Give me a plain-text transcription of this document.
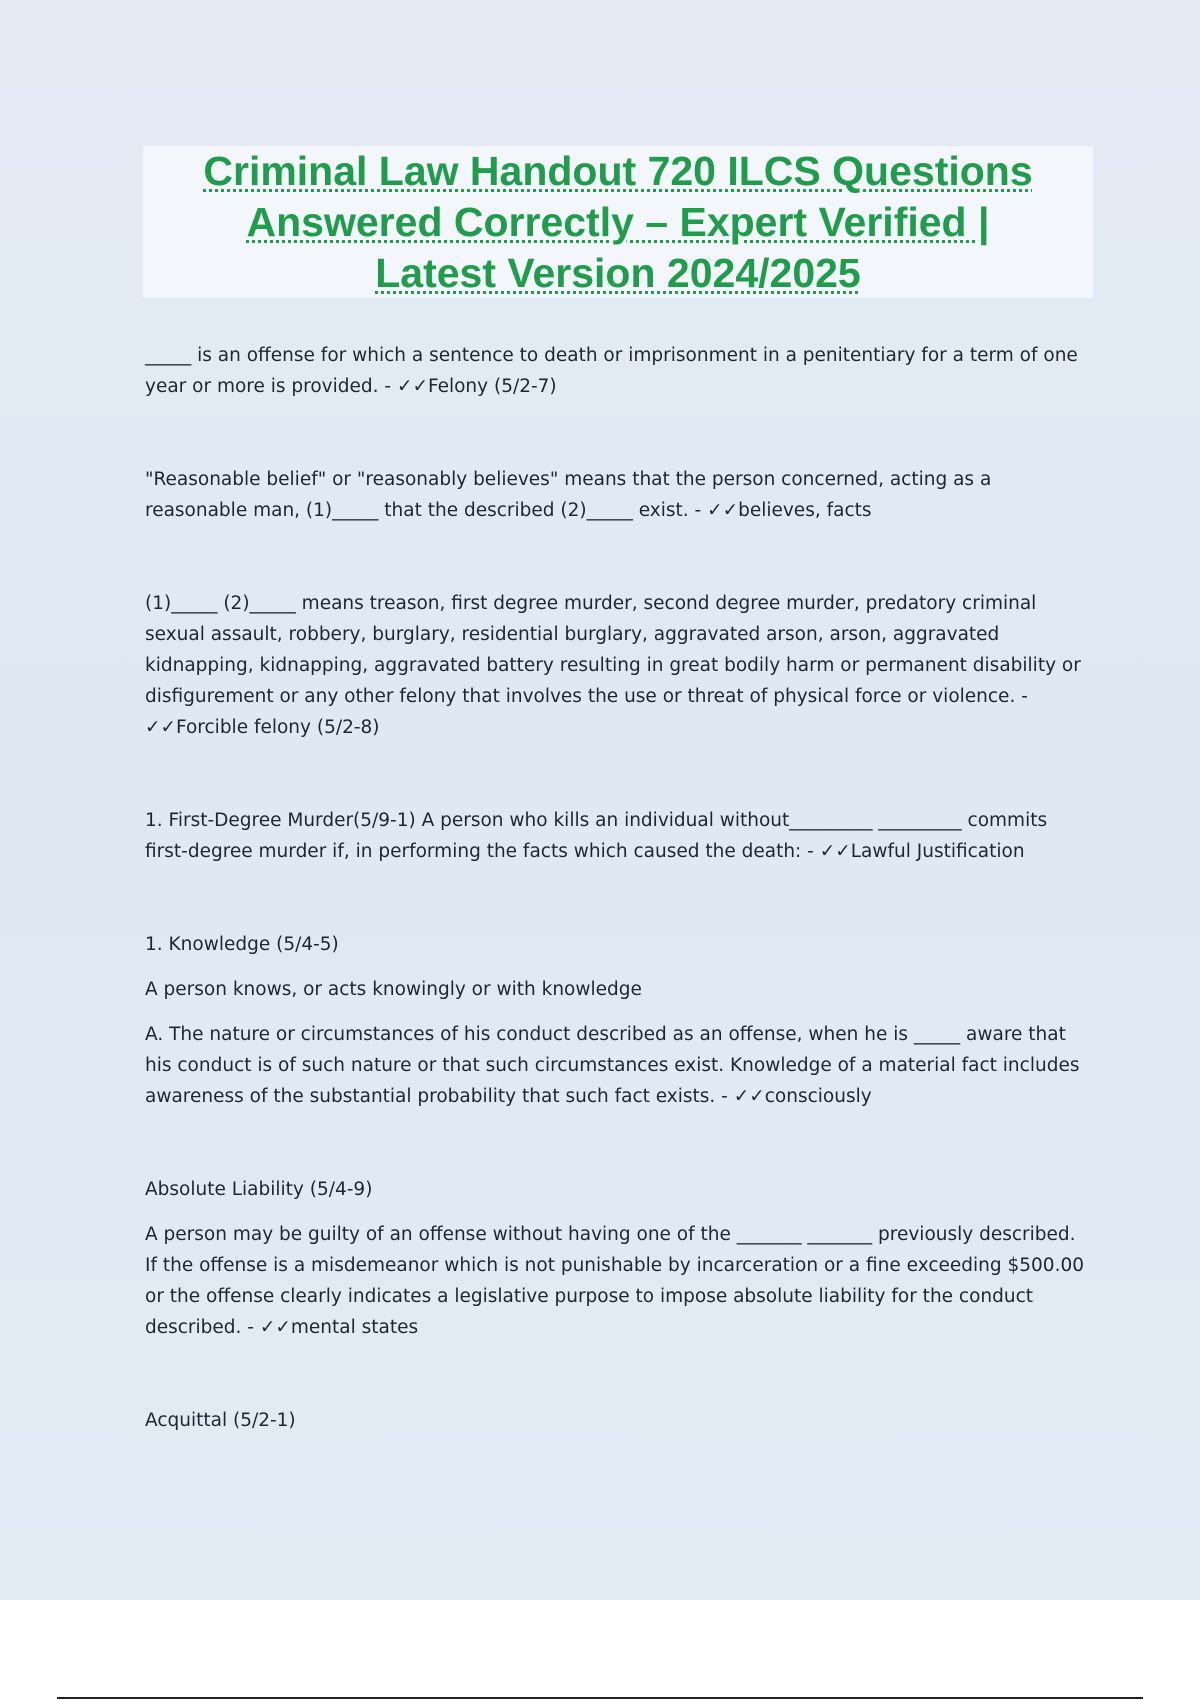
Criminal Law Handout 720 ILCS Questions
Answered Correctly – Expert Verified |
Latest Version 2024/2025

_____ is an offense for which a sentence to death or imprisonment in a penitentiary for a term of one year or more is provided. - ✓✓Felony (5/2-7)

"Reasonable belief" or "reasonably believes" means that the person concerned, acting as a reasonable man, (1)_____ that the described (2)_____ exist. - ✓✓believes, facts

(1)_____ (2)_____ means treason, first degree murder, second degree murder, predatory criminal sexual assault, robbery, burglary, residential burglary, aggravated arson, arson, aggravated kidnapping, kidnapping, aggravated battery resulting in great bodily harm or permanent disability or disfigurement or any other felony that involves the use or threat of physical force or violence. - ✓✓Forcible felony (5/2-8)

1. First-Degree Murder(5/9-1) A person who kills an individual without_________ _________ commits first-degree murder if, in performing the facts which caused the death: - ✓✓Lawful Justification

1. Knowledge (5/4-5)

A person knows, or acts knowingly or with knowledge

A. The nature or circumstances of his conduct described as an offense, when he is _____ aware that his conduct is of such nature or that such circumstances exist. Knowledge of a material fact includes awareness of the substantial probability that such fact exists. - ✓✓consciously

Absolute Liability (5/4-9)

A person may be guilty of an offense without having one of the _______ _______ previously described. If the offense is a misdemeanor which is not punishable by incarceration or a fine exceeding $500.00 or the offense clearly indicates a legislative purpose to impose absolute liability for the conduct described. - ✓✓mental states

Acquittal (5/2-1)
